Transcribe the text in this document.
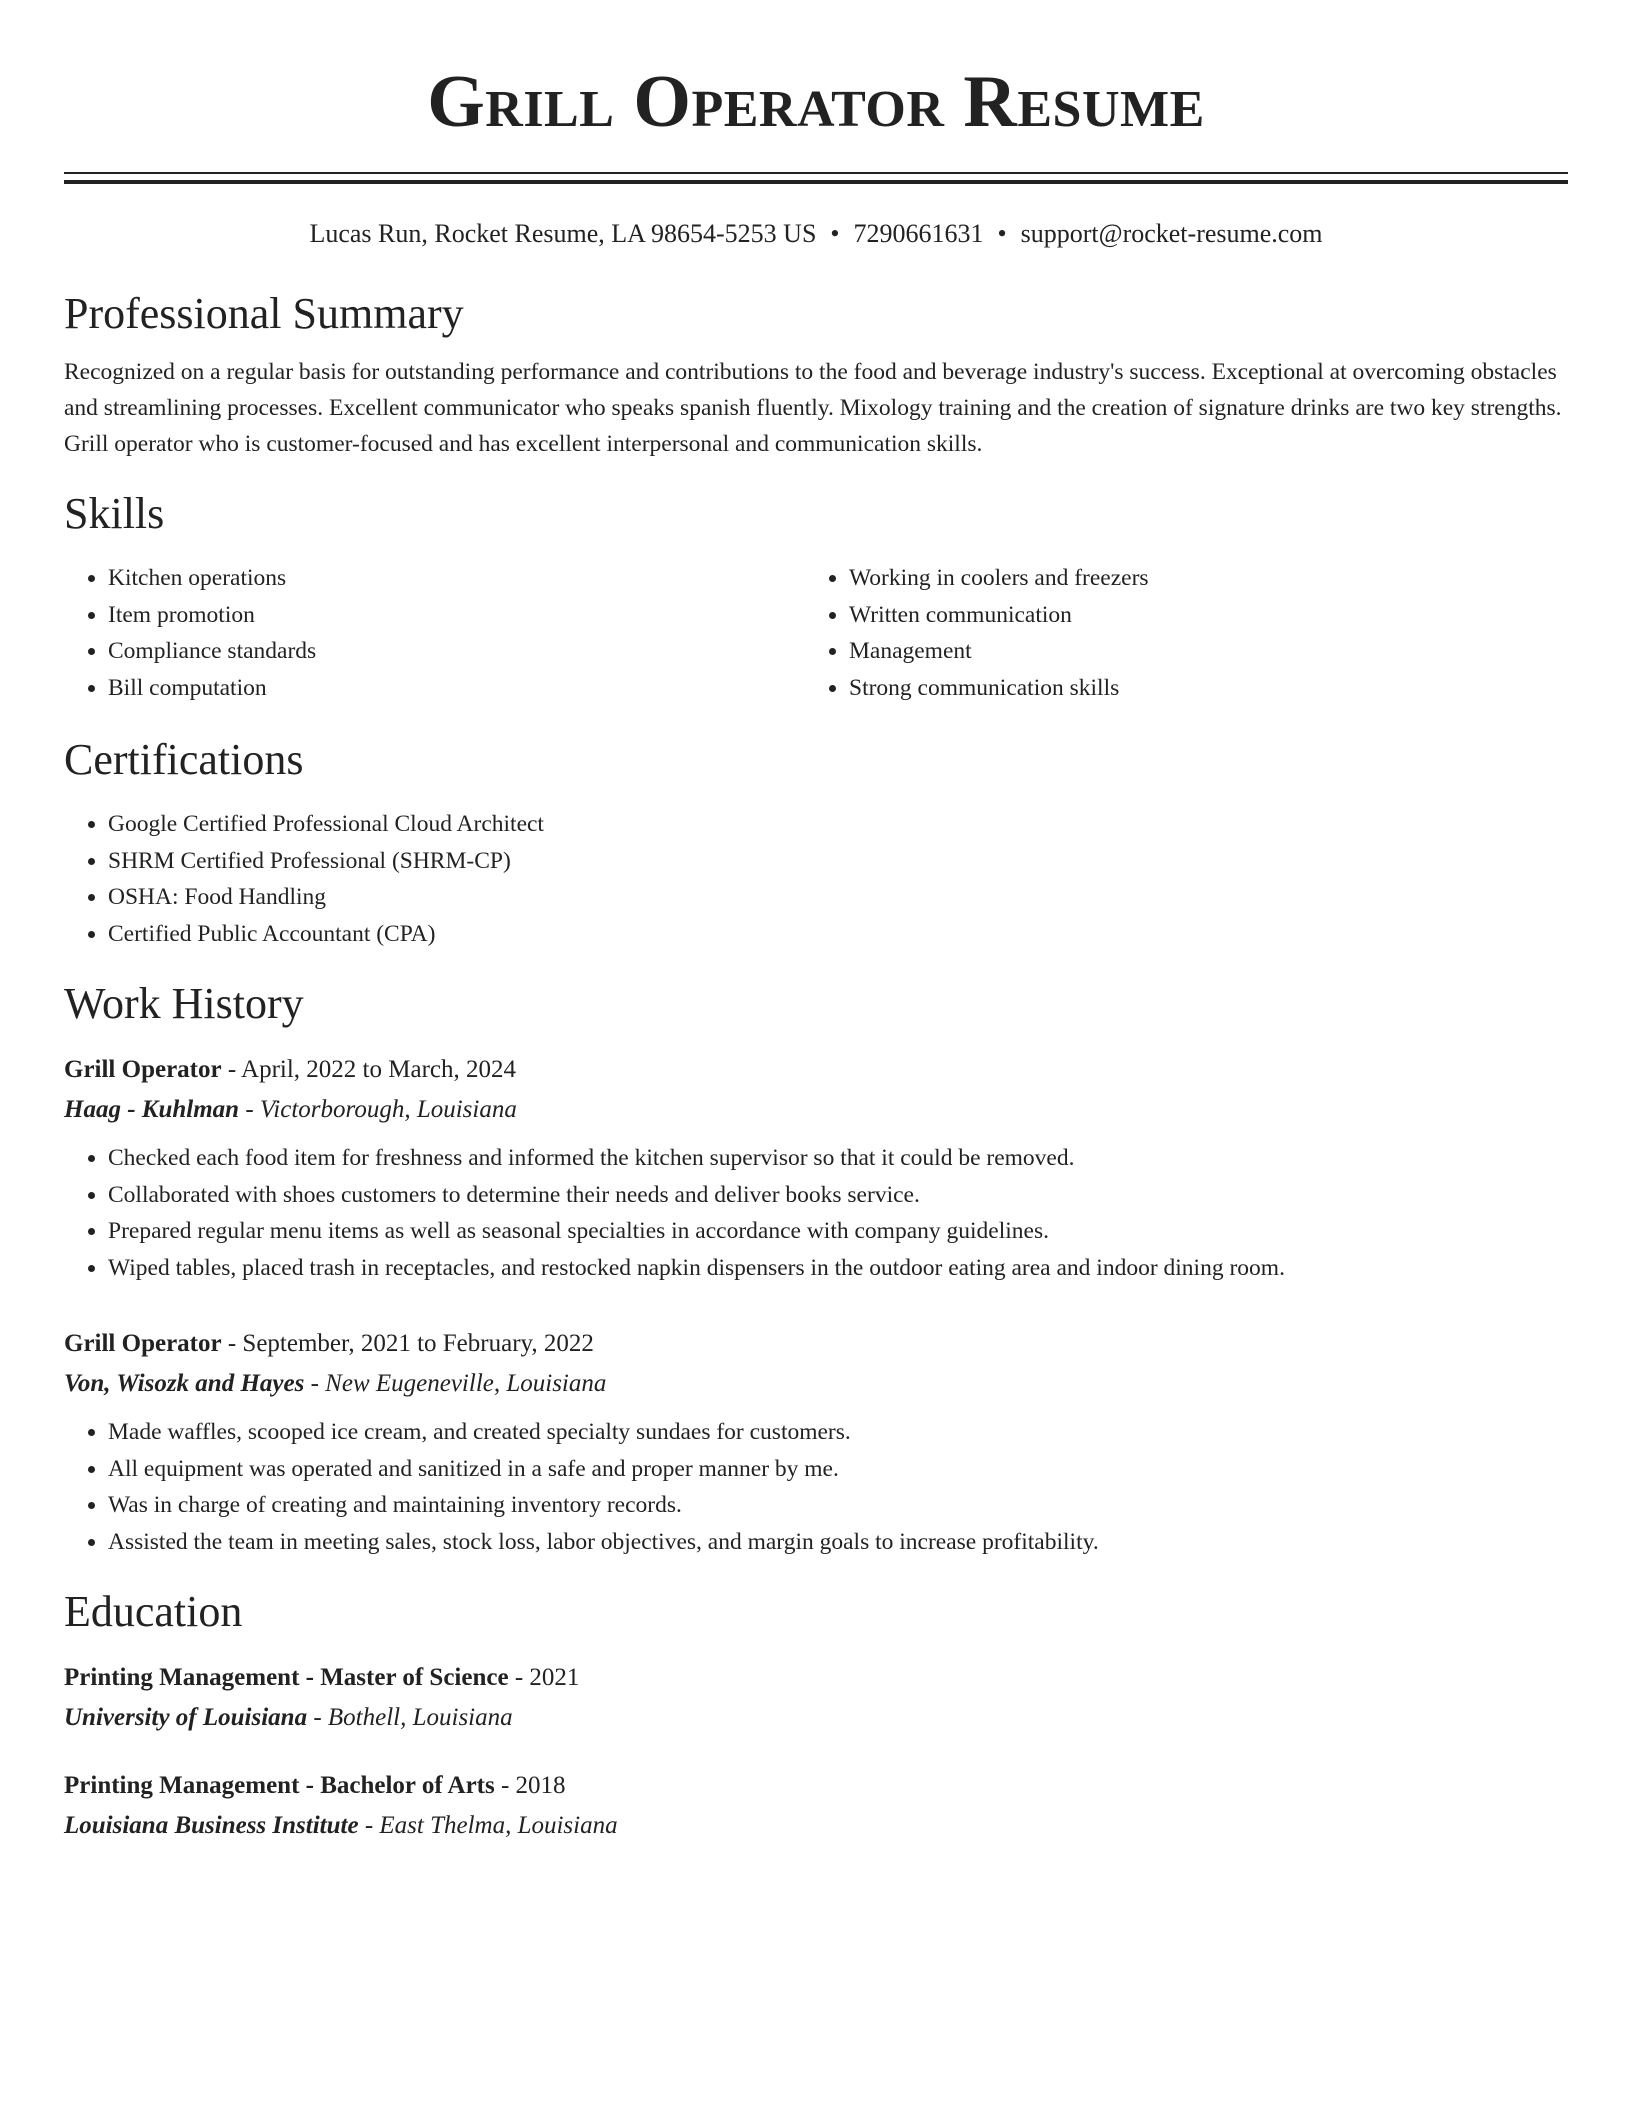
Grill Operator Resume
Lucas Run, Rocket Resume, LA 98654-5253 US • 7290661631 • support@rocket-resume.com
Professional Summary

Recognized on a regular basis for outstanding performance and contributions to the food and beverage industry's success. Exceptional at overcoming obstacles and streamlining processes. Excellent communicator who speaks spanish fluently. Mixology training and the creation of signature drinks are two key strengths. Grill operator who is customer-focused and has excellent interpersonal and communication skills.

Skills
• Kitchen operations
• Item promotion
• Compliance standards
• Bill computation
• Working in coolers and freezers
• Written communication
• Management
• Strong communication skills
Certifications
• Google Certified Professional Cloud Architect
• SHRM Certified Professional (SHRM-CP)
• OSHA: Food Handling
• Certified Public Accountant (CPA)
Work History
Grill Operator - April, 2022 to March, 2024
Haag - Kuhlman - Victorborough, Louisiana
• Checked each food item for freshness and informed the kitchen supervisor so that it could be removed.
• Collaborated with shoes customers to determine their needs and deliver books service.
• Prepared regular menu items as well as seasonal specialties in accordance with company guidelines.
• Wiped tables, placed trash in receptacles, and restocked napkin dispensers in the outdoor eating area and indoor dining room.
Grill Operator - September, 2021 to February, 2022
Von, Wisozk and Hayes - New Eugeneville, Louisiana
• Made waffles, scooped ice cream, and created specialty sundaes for customers.
• All equipment was operated and sanitized in a safe and proper manner by me.
• Was in charge of creating and maintaining inventory records.
• Assisted the team in meeting sales, stock loss, labor objectives, and margin goals to increase profitability.
Education
Printing Management - Master of Science - 2021
University of Louisiana - Bothell, Louisiana
Printing Management - Bachelor of Arts - 2018
Louisiana Business Institute - East Thelma, Louisiana
